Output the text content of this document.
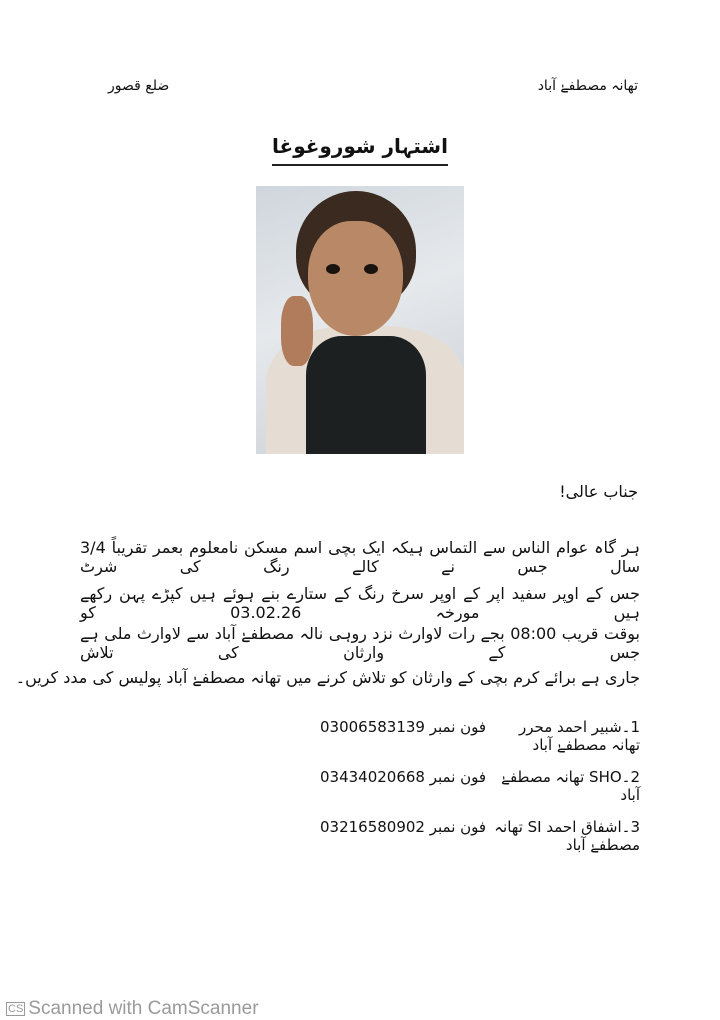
تھانہ مصطفےٰ آباد
ضلع قصور
اشتہار شوروغوغا
جناب عالی!
ہر گاہ عوام الناس سے التماس ہیکہ ایک بچی اسم مسکن نامعلوم بعمر تقریباً 3/4 سال جس نے کالے رنگ کی شرٹ
جس کے اوپر سفید اپر کے اوپر سرخ رنگ کے ستارے بنے ہوئے ہیں کپڑے پہن رکھے ہیں مورخہ 03.02.26 کو
بوقت قریب 08:00 بجے رات لاوارث نزد روہی نالہ مصطفےٰ آباد سے لاوارث ملی ہے جس کے وارثان کی تلاش
جاری ہے برائے کرم بچی کے وارثان کو تلاش کرنے میں تھانہ مصطفےٰ آباد پولیس کی مدد کریں۔
1۔شبیر احمد محرر تھانہ مصطفےٰ آباد
فون نمبر 03006583139
2۔SHO تھانہ مصطفےٰ آباد
فون نمبر 03434020668
3۔اشفاق احمد SI تھانہ مصطفےٰ آباد
فون نمبر 03216580902
CS Scanned with CamScanner
